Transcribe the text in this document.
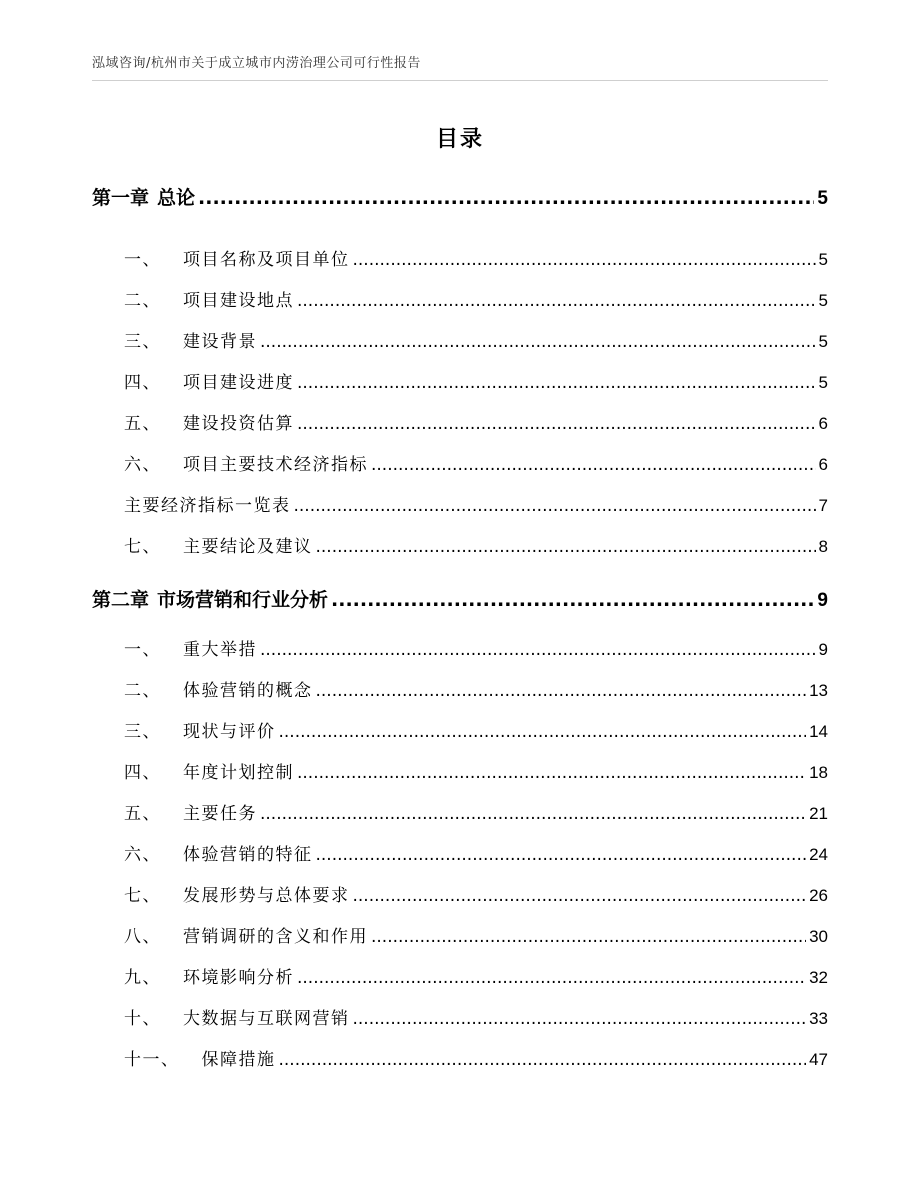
泓域咨询/杭州市关于成立城市内涝治理公司可行性报告
目录
第一章 总论 .....	5
一、 项目名称及项目单位 .....	5
二、 项目建设地点 .....	5
三、 建设背景 .....	5
四、 项目建设进度 .....	5
五、 建设投资估算 .....	6
六、 项目主要技术经济指标 .....	6
主要经济指标一览表 .....	7
七、 主要结论及建议 .....	8
第二章 市场营销和行业分析 .....	9
一、 重大举措 .....	9
二、 体验营销的概念 .....	13
三、 现状与评价 .....	14
四、 年度计划控制 .....	18
五、 主要任务 .....	21
六、 体验营销的特征 .....	24
七、 发展形势与总体要求 .....	26
八、 营销调研的含义和作用 .....	30
九、 环境影响分析 .....	32
十、 大数据与互联网营销 .....	33
十一、 保障措施 .....	47
